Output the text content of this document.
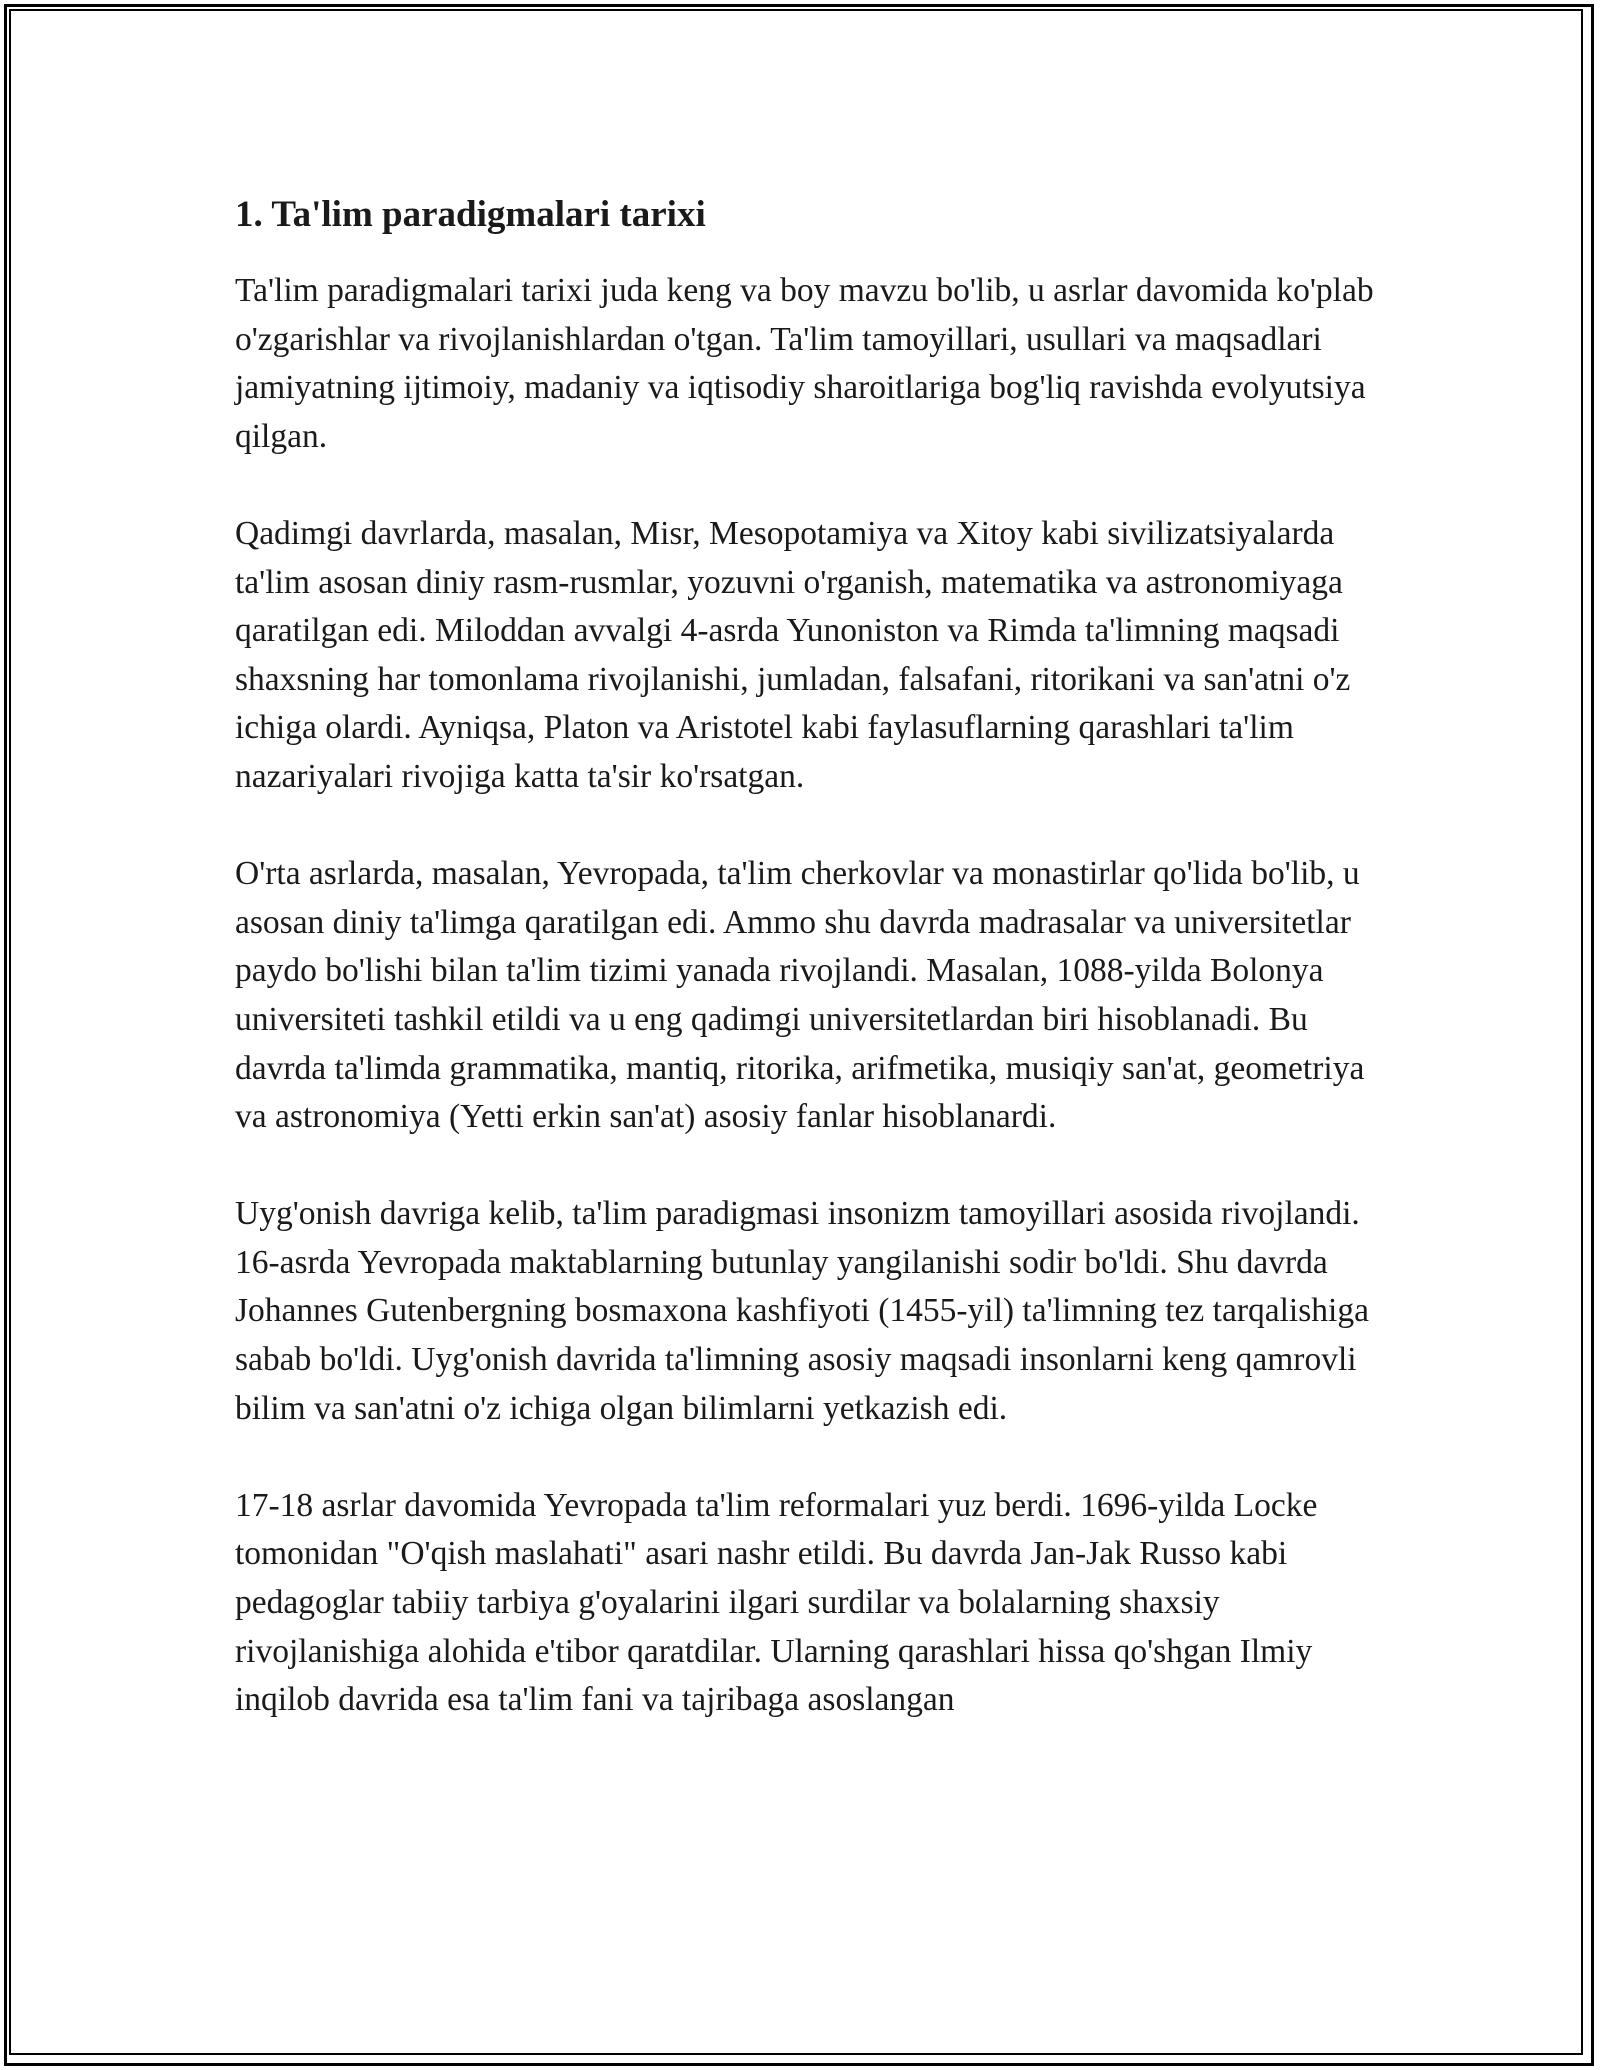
1. Ta'lim paradigmalari tarixi

Ta'lim paradigmalari tarixi juda keng va boy mavzu bo'lib, u asrlar davomida ko'plab o'zgarishlar va rivojlanishlardan o'tgan. Ta'lim tamoyillari, usullari va maqsadlari jamiyatning ijtimoiy, madaniy va iqtisodiy sharoitlariga bog'liq ravishda evolyutsiya qilgan.

Qadimgi davrlarda, masalan, Misr, Mesopotamiya va Xitoy kabi sivilizatsiyalarda ta'lim asosan diniy rasm-rusmlar, yozuvni o'rganish, matematika va astronomiyaga qaratilgan edi. Miloddan avvalgi 4-asrda Yunoniston va Rimda ta'limning maqsadi shaxsning har tomonlama rivojlanishi, jumladan, falsafani, ritorikani va san'atni o'z ichiga olardi. Ayniqsa, Platon va Aristotel kabi faylasuflarning qarashlari ta'lim nazariyalari rivojiga katta ta'sir ko'rsatgan.

O'rta asrlarda, masalan, Yevropada, ta'lim cherkovlar va monastirlar qo'lida bo'lib, u asosan diniy ta'limga qaratilgan edi. Ammo shu davrda madrasalar va universitetlar paydo bo'lishi bilan ta'lim tizimi yanada rivojlandi. Masalan, 1088-yilda Bolonya universiteti tashkil etildi va u eng qadimgi universitetlardan biri hisoblanadi. Bu davrda ta'limda grammatika, mantiq, ritorika, arifmetika, musiqiy san'at, geometriya va astronomiya (Yetti erkin san'at) asosiy fanlar hisoblanardi.

Uyg'onish davriga kelib, ta'lim paradigmasi insonizm tamoyillari asosida rivojlandi. 16-asrda Yevropada maktablarning butunlay yangilanishi sodir bo'ldi. Shu davrda Johannes Gutenbergning bosmaxona kashfiyoti (1455-yil) ta'limning tez tarqalishiga sabab bo'ldi. Uyg'onish davrida ta'limning asosiy maqsadi insonlarni keng qamrovli bilim va san'atni o'z ichiga olgan bilimlarni yetkazish edi.

17-18 asrlar davomida Yevropada ta'lim reformalari yuz berdi. 1696-yilda Locke tomonidan "O'qish maslahati" asari nashr etildi. Bu davrda Jan-Jak Russo kabi pedagoglar tabiiy tarbiya g'oyalarini ilgari surdilar va bolalarning shaxsiy rivojlanishiga alohida e'tibor qaratdilar. Ularning qarashlari hissa qo'shgan Ilmiy inqilob davrida esa ta'lim fani va tajribaga asoslangan
